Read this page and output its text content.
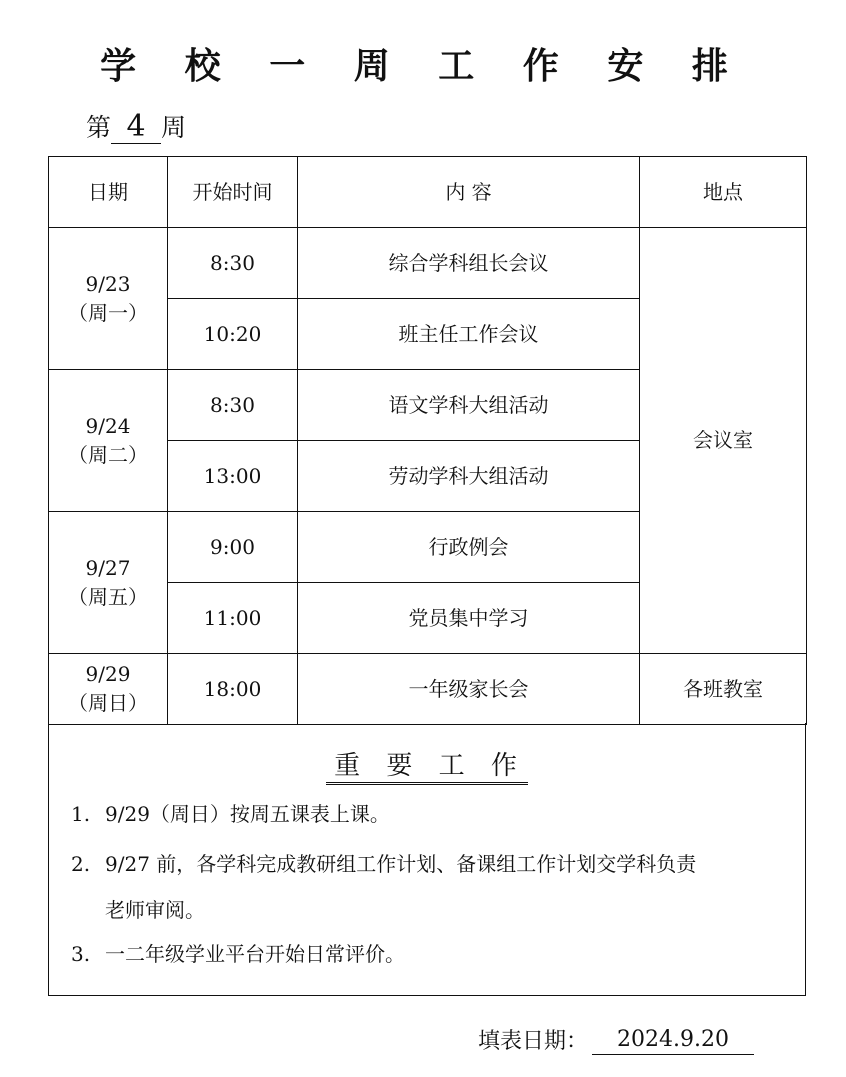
学 校 一 周 工 作 安 排
第 4 周
日期	开始时间	内 容	地点

9/23
（周一）	8:30	综合学科组长会议	会议室
	10:20	班主任工作会议	

9/24
（周二）	8:30	语文学科大组活动	
	13:00	劳动学科大组活动	

9/27
（周五）	9:00	行政例会	
	11:00	党员集中学习	

9/29
（周日）	18:00	一年级家长会	各班教室
重 要 工 作
1. 9/29（周日）按周五课表上课。
2. 9/27 前，各学科完成教研组工作计划、备课组工作计划交学科负责
老师审阅。
3. 一二年级学业平台开始日常评价。
填表日期：	2024.9.20
